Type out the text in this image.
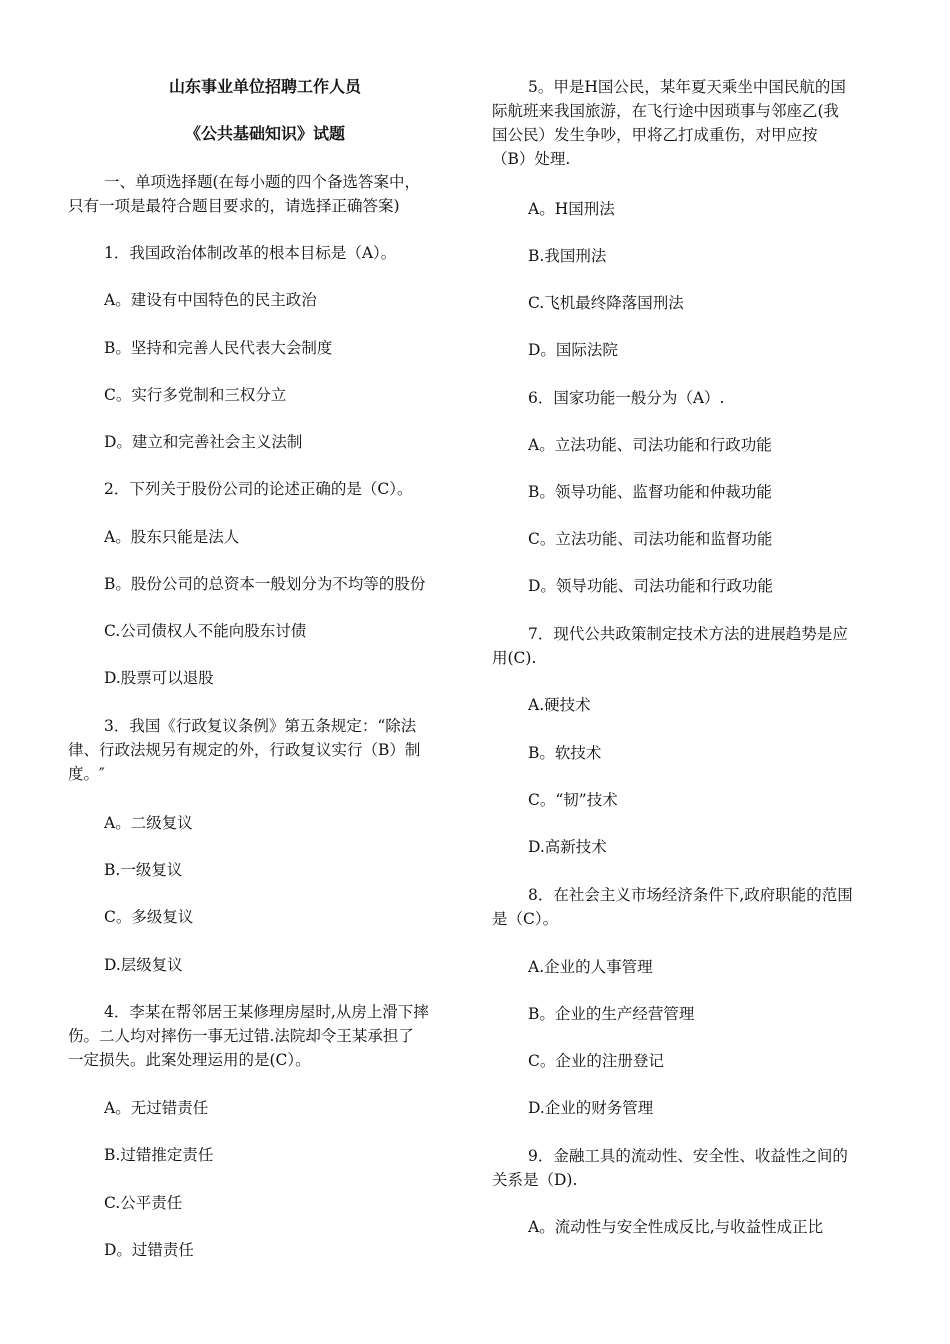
山东事业单位招聘工作人员
《公共基础知识》试题
一、单项选择题(在每小题的四个备选答案中，
只有一项是最符合题目要求的，请选择正确答案)
1．我国政治体制改革的根本目标是（A）。
A。建设有中国特色的民主政治
B。坚持和完善人民代表大会制度
C。实行多党制和三权分立
D。建立和完善社会主义法制
2．下列关于股份公司的论述正确的是（C）。
A。股东只能是法人
B。股份公司的总资本一般划分为不均等的股份
C.公司债权人不能向股东讨债
D.股票可以退股
3．我国《行政复议条例》第五条规定：“除法
律、行政法规另有规定的外，行政复议实行（B）制
度。″
A。二级复议
B.一级复议
C。多级复议
D.层级复议
4．李某在帮邻居王某修理房屋时,从房上滑下摔
伤。二人均对摔伤一事无过错.法院却令王某承担了
一定损失。此案处理运用的是(C）。
A。无过错责任
B.过错推定责任
C.公平责任
D。过错责任
5。甲是H国公民，某年夏天乘坐中国民航的国
际航班来我国旅游，在飞行途中因琐事与邻座乙(我
国公民）发生争吵，甲将乙打成重伤，对甲应按
（B）处理.
A。H国刑法
B.我国刑法
C.飞机最终降落国刑法
D。国际法院
6．国家功能一般分为（A）.
A。立法功能、司法功能和行政功能
B。领导功能、监督功能和仲裁功能
C。立法功能、司法功能和监督功能
D。领导功能、司法功能和行政功能
7．现代公共政策制定技术方法的进展趋势是应
用(C).
A.硬技术
B。软技术
C。“韧”技术
D.高新技术
8．在社会主义市场经济条件下,政府职能的范围
是（C）。
A.企业的人事管理
B。企业的生产经营管理
C。企业的注册登记
D.企业的财务管理
9．金融工具的流动性、安全性、收益性之间的
关系是（D).
A。流动性与安全性成反比,与收益性成正比
